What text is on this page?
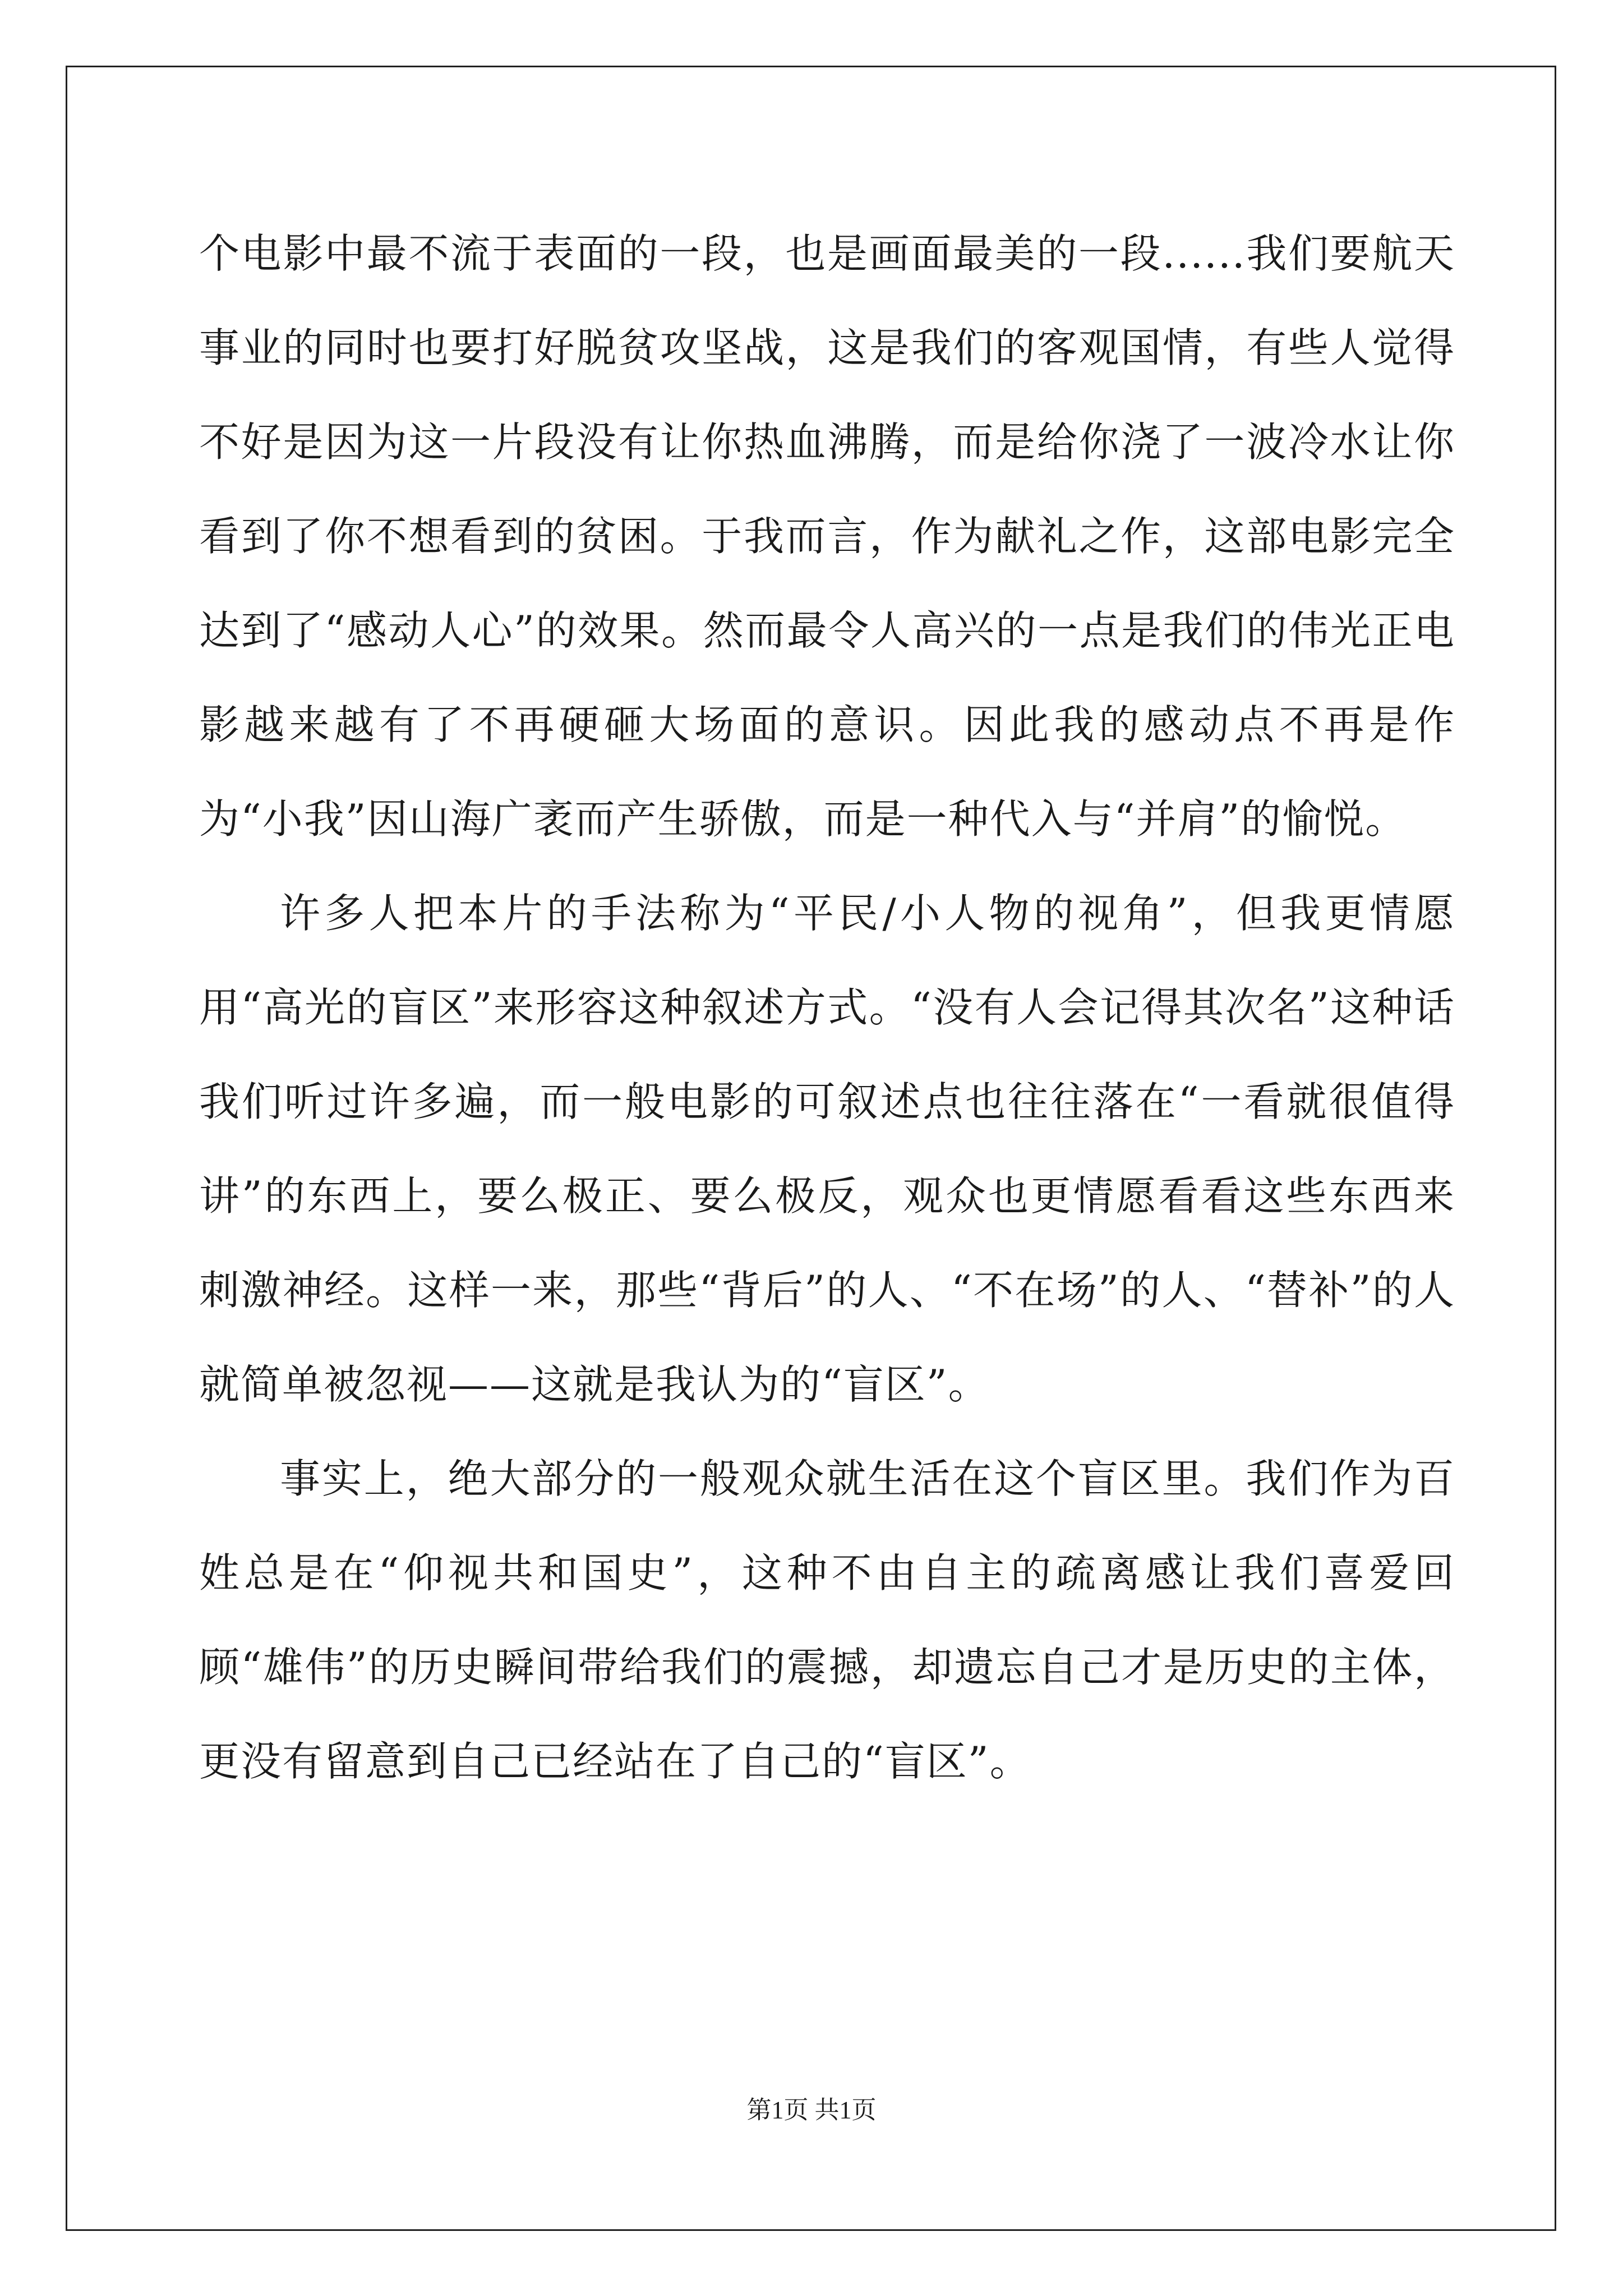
个电影中最不流于表面的一段，也是画面最美的一段......我们要航天事业的同时也要打好脱贫攻坚战，这是我们的客观国情，有些人觉得不好是因为这一片段没有让你热血沸腾，而是给你浇了一波冷水让你看到了你不想看到的贫困。于我而言，作为献礼之作，这部电影完全达到了“感动人心”的效果。然而最令人高兴的一点是我们的伟光正电影越来越有了不再硬砸大场面的意识。因此我的感动点不再是作为“小我”因山海广袤而产生骄傲，而是一种代入与“并肩”的愉悦。

许多人把本片的手法称为“平民/小人物的视角”，但我更情愿用“高光的盲区”来形容这种叙述方式。“没有人会记得其次名”这种话我们听过许多遍，而一般电影的可叙述点也往往落在“一看就很值得讲”的东西上，要么极正、要么极反，观众也更情愿看看这些东西来刺激神经。这样一来，那些“背后”的人、“不在场”的人、“替补”的人就简单被忽视——这就是我认为的“盲区”。

事实上，绝大部分的一般观众就生活在这个盲区里。我们作为百姓总是在“仰视共和国史”，这种不由自主的疏离感让我们喜爱回顾“雄伟”的历史瞬间带给我们的震撼，却遗忘自己才是历史的主体，更没有留意到自己已经站在了自己的“盲区”。

第1页 共1页
